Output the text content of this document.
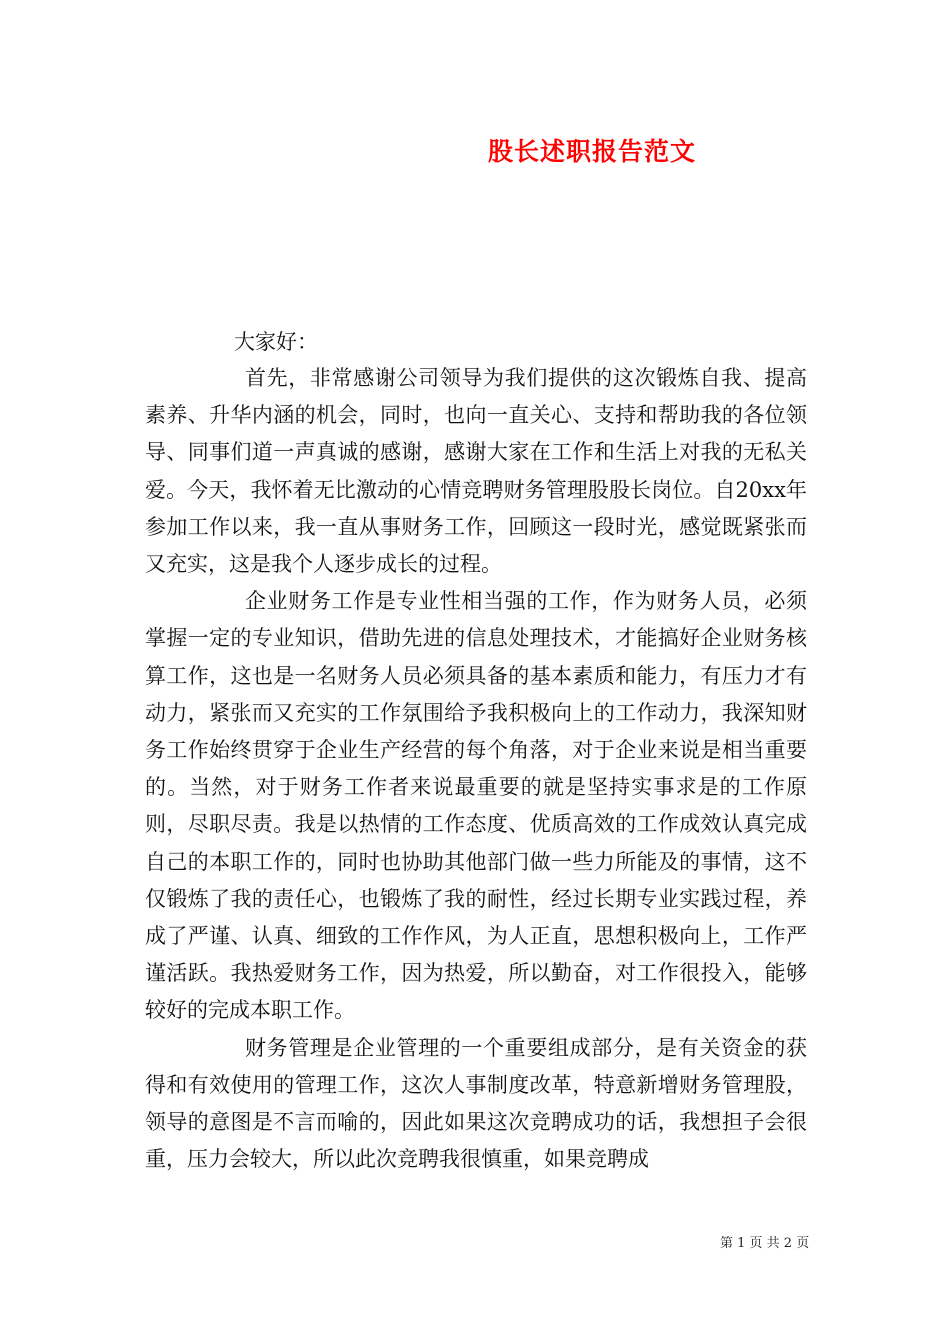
股长述职报告范文
大家好：

首先，非常感谢公司领导为我们提供的这次锻炼自我、提高素养、升华内涵的机会，同时，也向一直关心、支持和帮助我的各位领导、同事们道一声真诚的感谢，感谢大家在工作和生活上对我的无私关爱。今天，我怀着无比激动的心情竞聘财务管理股股长岗位。自20xx年参加工作以来，我一直从事财务工作，回顾这一段时光，感觉既紧张而又充实，这是我个人逐步成长的过程。

企业财务工作是专业性相当强的工作，作为财务人员，必须掌握一定的专业知识，借助先进的信息处理技术，才能搞好企业财务核算工作，这也是一名财务人员必须具备的基本素质和能力，有压力才有动力，紧张而又充实的工作氛围给予我积极向上的工作动力，我深知财务工作始终贯穿于企业生产经营的每个角落，对于企业来说是相当重要的。当然，对于财务工作者来说最重要的就是坚持实事求是的工作原则，尽职尽责。我是以热情的工作态度、优质高效的工作成效认真完成自己的本职工作的，同时也协助其他部门做一些力所能及的事情，这不仅锻炼了我的责任心，也锻炼了我的耐性，经过长期专业实践过程，养成了严谨、认真、细致的工作作风，为人正直，思想积极向上，工作严谨活跃。我热爱财务工作，因为热爱，所以勤奋，对工作很投入，能够较好的完成本职工作。

财务管理是企业管理的一个重要组成部分，是有关资金的获得和有效使用的管理工作，这次人事制度改革，特意新增财务管理股，领导的意图是不言而喻的，因此如果这次竞聘成功的话，我想担子会很重，压力会较大，所以此次竞聘我很慎重，如果竞聘成

第 1 页 共 2 页
